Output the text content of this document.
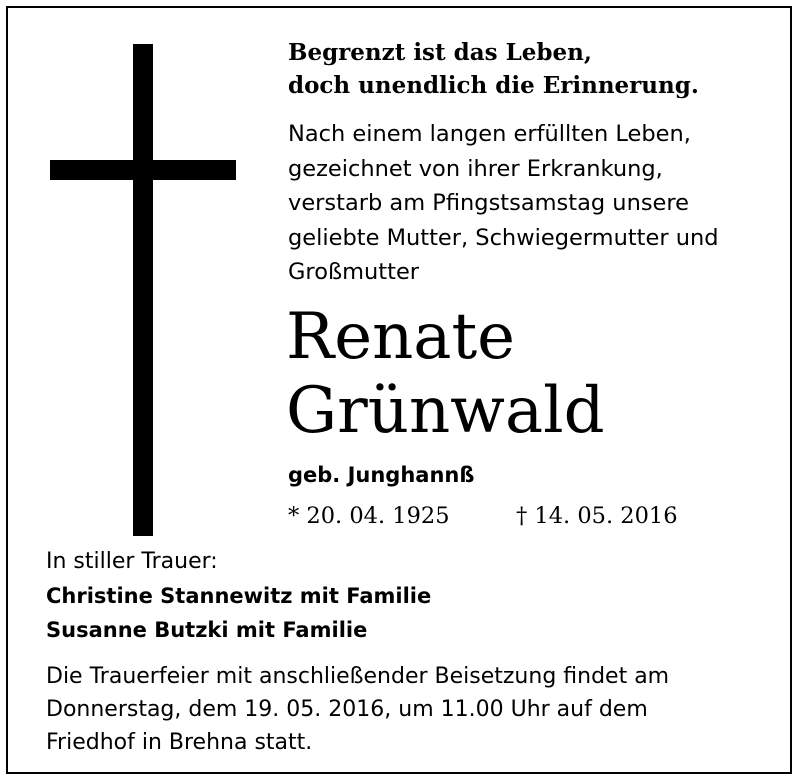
Begrenzt ist das Leben,
doch unendlich die Erinnerung.
Nach einem langen erfüllten Leben,
gezeichnet von ihrer Erkrankung,
verstarb am Pfingstsamstag unsere
geliebte Mutter, Schwiegermutter und
Großmutter
Renate
Grünwald
geb. Junghannß
* 20. 04. 1925	† 14. 05. 2016
In stiller Trauer:
Christine Stannewitz mit Familie
Susanne Butzki mit Familie
Die Trauerfeier mit anschließender Beisetzung findet am
Donnerstag, dem 19. 05. 2016, um 11.00 Uhr auf dem
Friedhof in Brehna statt.
